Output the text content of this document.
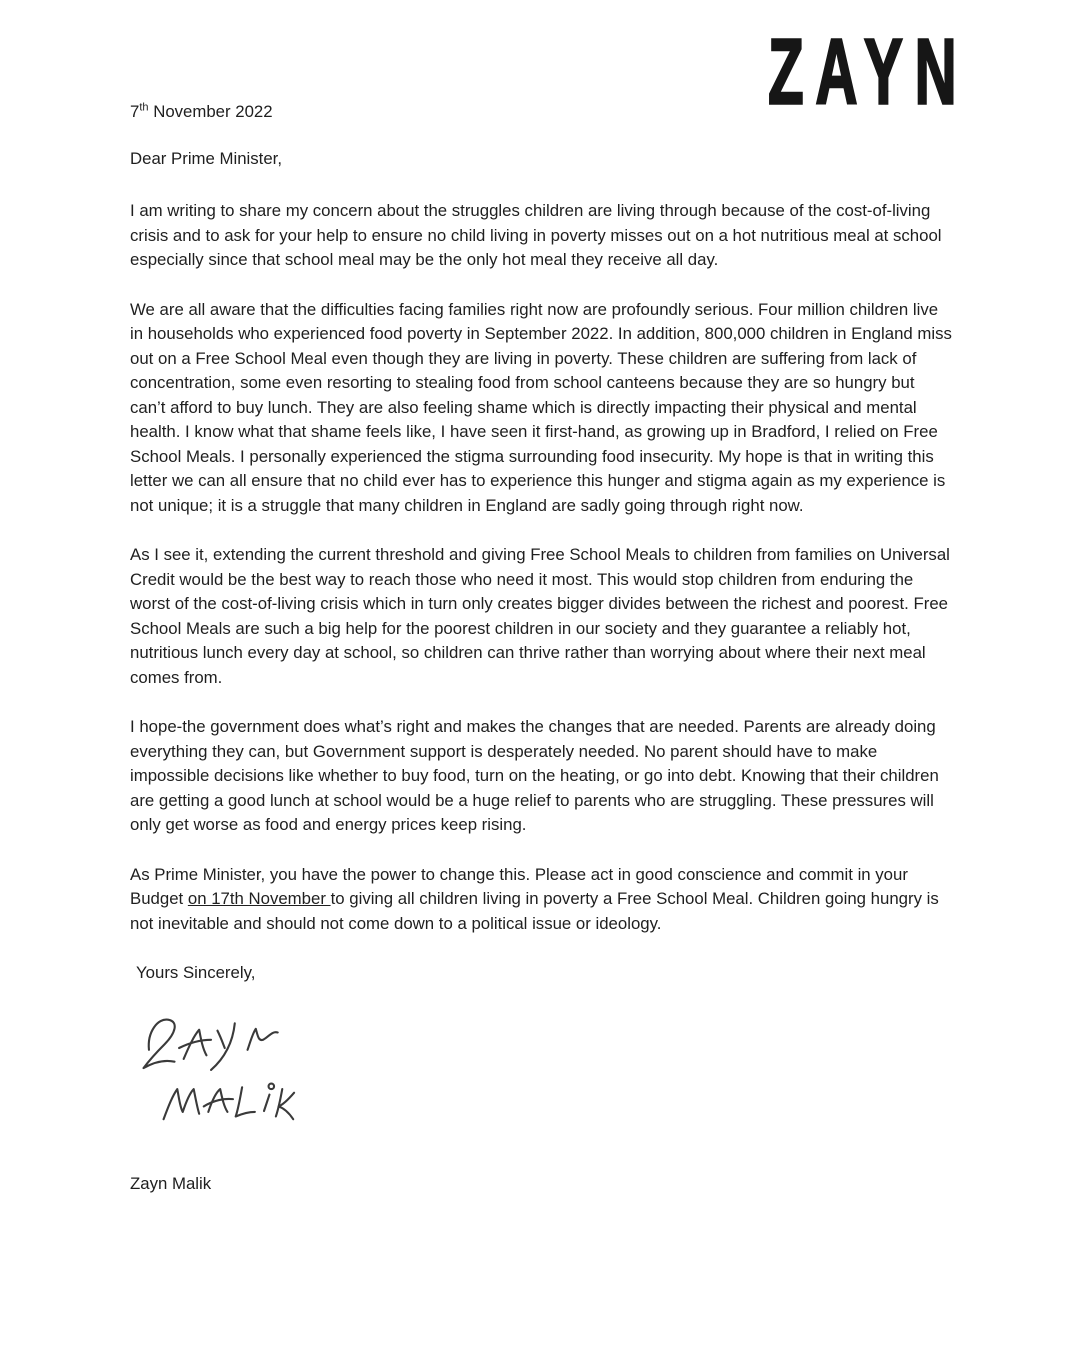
ZAYN

7th November 2022

Dear Prime Minister,

I am writing to share my concern about the struggles children are living through because of the cost-of-living crisis and to ask for your help to ensure no child living in poverty misses out on a hot nutritious meal at school especially since that school meal may be the only hot meal they receive all day.

We are all aware that the difficulties facing families right now are profoundly serious. Four million children live in households who experienced food poverty in September 2022. In addition, 800,000 children in England miss out on a Free School Meal even though they are living in poverty. These children are suffering from lack of concentration, some even resorting to stealing food from school canteens because they are so hungry but can’t afford to buy lunch. They are also feeling shame which is directly impacting their physical and mental health. I know what that shame feels like, I have seen it first-hand, as growing up in Bradford, I relied on Free School Meals. I personally experienced the stigma surrounding food insecurity. My hope is that in writing this letter we can all ensure that no child ever has to experience this hunger and stigma again as my experience is not unique; it is a struggle that many children in England are sadly going through right now.

As I see it, extending the current threshold and giving Free School Meals to children from families on Universal Credit would be the best way to reach those who need it most. This would stop children from enduring the worst of the cost-of-living crisis which in turn only creates bigger divides between the richest and poorest. Free School Meals are such a big help for the poorest children in our society and they guarantee a reliably hot, nutritious lunch every day at school, so children can thrive rather than worrying about where their next meal comes from.

I hope-the government does what’s right and makes the changes that are needed. Parents are already doing everything they can, but Government support is desperately needed. No parent should have to make impossible decisions like whether to buy food, turn on the heating, or go into debt. Knowing that their children are getting a good lunch at school would be a huge relief to parents who are struggling. These pressures will only get worse as food and energy prices keep rising.

As Prime Minister, you have the power to change this. Please act in good conscience and commit in your Budget on 17th November to giving all children living in poverty a Free School Meal. Children going hungry is not inevitable and should not come down to a political issue or ideology.

Yours Sincerely,

Zayn Malik
